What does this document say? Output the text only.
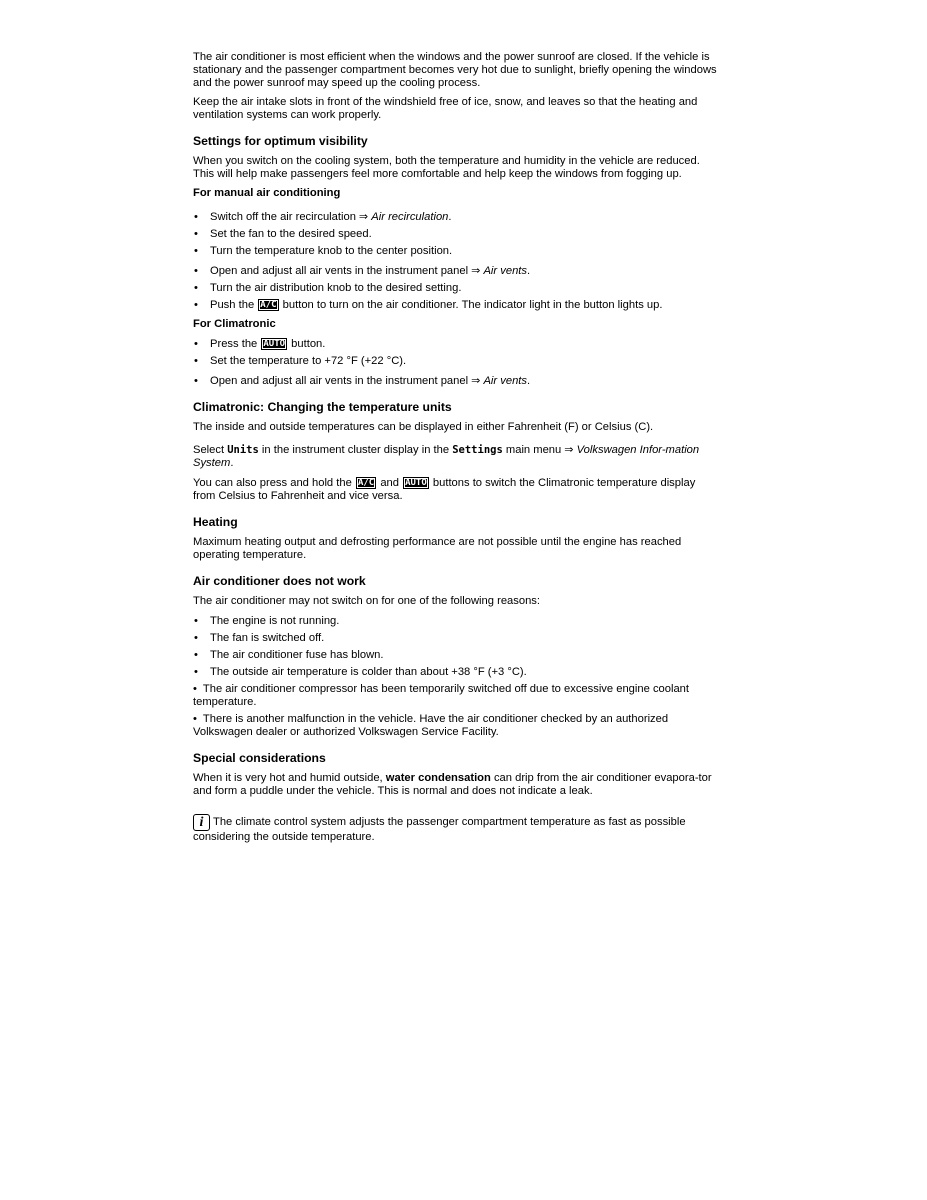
The air conditioner is most efficient when the windows and the power sunroof are closed. If the vehicle is stationary and the passenger compartment becomes very hot due to sunlight, briefly opening the windows and the power sunroof may speed up the cooling process.

Keep the air intake slots in front of the windshield free of ice, snow, and leaves so that the heating and ventilation systems can work properly.

Settings for optimum visibility

When you switch on the cooling system, both the temperature and humidity in the vehicle are reduced. This will help make passengers feel more comfortable and help keep the windows from fogging up.

For manual air conditioning
• Switch off the air recirculation ⇒ Air recirculation.
• Set the fan to the desired speed.
• Turn the temperature knob to the center position.
• Open and adjust all air vents in the instrument panel ⇒ Air vents.
• Turn the air distribution knob to the desired setting.
• Push the A/C button to turn on the air conditioner. The indicator light in the button lights up.
For Climatronic
• Press the AUTO button.
• Set the temperature to +72 °F (+22 °C).
• Open and adjust all air vents in the instrument panel ⇒ Air vents.
Climatronic: Changing the temperature units

The inside and outside temperatures can be displayed in either Fahrenheit (F) or Celsius (C).

Select Units in the instrument cluster display in the Settings main menu ⇒ Volkswagen Infor-mation System.

You can also press and hold the A/C and AUTO buttons to switch the Climatronic temperature display from Celsius to Fahrenheit and vice versa.

Heating

Maximum heating output and defrosting performance are not possible until the engine has reached operating temperature.

Air conditioner does not work

The air conditioner may not switch on for one of the following reasons:

• The engine is not running.
• The fan is switched off.
• The air conditioner fuse has blown.
• The outside air temperature is colder than about +38 °F (+3 °C).
• The air conditioner compressor has been temporarily switched off due to excessive engine coolant temperature.
• There is another malfunction in the vehicle. Have the air conditioner checked by an authorized Volkswagen dealer or authorized Volkswagen Service Facility.
Special considerations

When it is very hot and humid outside, water condensation can drip from the air conditioner evapora-tor and form a puddle under the vehicle. This is normal and does not indicate a leak.

i The climate control system adjusts the passenger compartment temperature as fast as possible considering the outside temperature.
